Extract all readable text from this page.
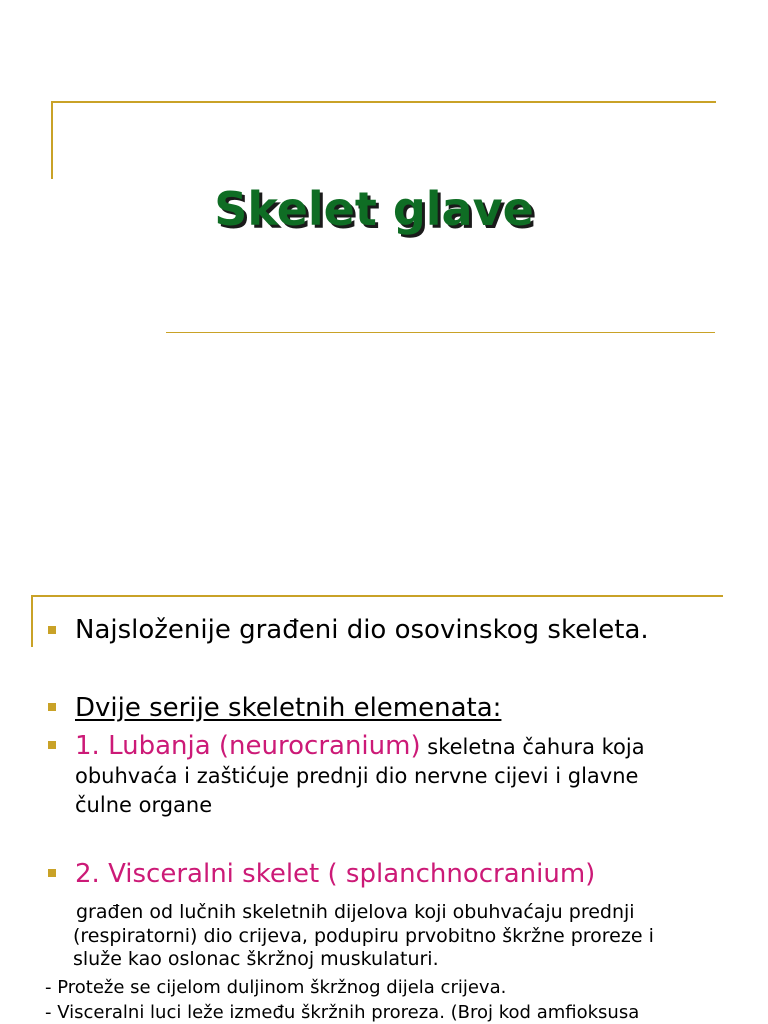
Skelet glave
Najsloženije građeni dio osovinskog skeleta.
Dvije serije skeletnih elemenata:
1. Lubanja (neurocranium) skeletna čahura koja
obuhvaća i zaštićuje prednji dio nervne cijevi i glavne
čulne organe
2. Visceralni skelet ( splanchnocranium)
građen od lučnih skeletnih dijelova koji obuhvaćaju prednji
(respiratorni) dio crijeva, podupiru prvobitno škržne proreze i
služe kao oslonac škržnoj muskulaturi.
- Proteže se cijelom duljinom škržnog dijela crijeva.
- Visceralni luci leže između škržnih proreza. (Broj kod amfioksusa
